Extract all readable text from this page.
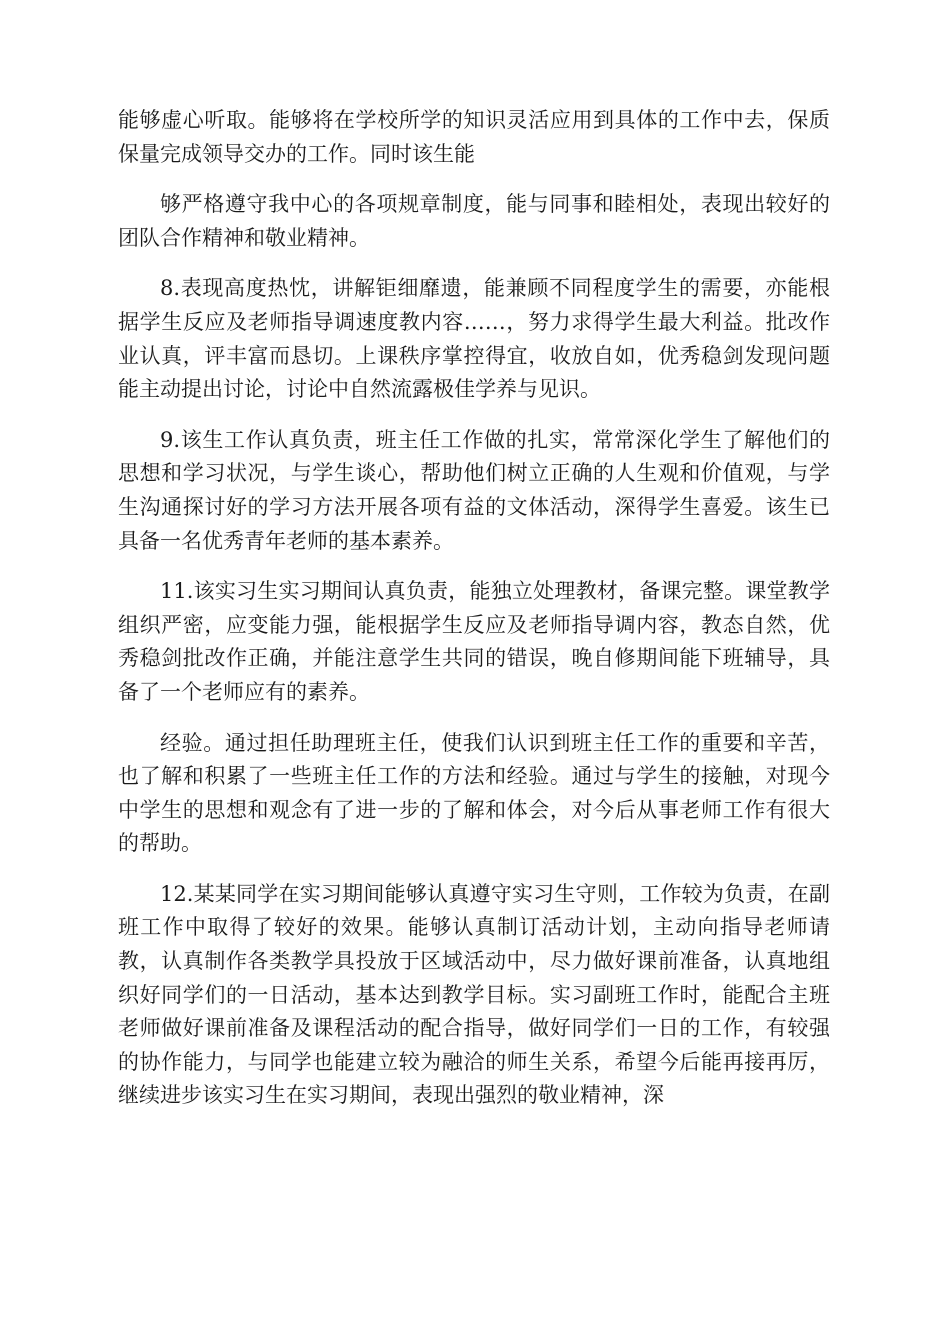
能够虚心听取。能够将在学校所学的知识灵活应用到具体的工作中去，保质保量完成领导交办的工作。同时该生能

够严格遵守我中心的各项规章制度，能与同事和睦相处，表现出较好的团队合作精神和敬业精神。

8.表现高度热忱，讲解钜细靡遗，能兼顾不同程度学生的需要，亦能根据学生反应及老师指导调速度教内容……，努力求得学生最大利益。批改作业认真，评丰富而恳切。上课秩序掌控得宜，收放自如，优秀稳剑发现问题能主动提出讨论，讨论中自然流露极佳学养与见识。

9.该生工作认真负责，班主任工作做的扎实，常常深化学生了解他们的思想和学习状况，与学生谈心，帮助他们树立正确的人生观和价值观，与学生沟通探讨好的学习方法开展各项有益的文体活动，深得学生喜爱。该生已具备一名优秀青年老师的基本素养。

11.该实习生实习期间认真负责，能独立处理教材，备课完整。课堂教学组织严密，应变能力强，能根据学生反应及老师指导调内容，教态自然，优秀稳剑批改作正确，并能注意学生共同的错误，晚自修期间能下班辅导，具备了一个老师应有的素养。

经验。通过担任助理班主任，使我们认识到班主任工作的重要和辛苦，也了解和积累了一些班主任工作的方法和经验。通过与学生的接触，对现今中学生的思想和观念有了进一步的了解和体会，对今后从事老师工作有很大的帮助。

12.某某同学在实习期间能够认真遵守实习生守则，工作较为负责，在副班工作中取得了较好的效果。能够认真制订活动计划，主动向指导老师请教，认真制作各类教学具投放于区域活动中，尽力做好课前准备，认真地组织好同学们的一日活动，基本达到教学目标。实习副班工作时，能配合主班老师做好课前准备及课程活动的配合指导，做好同学们一日的工作，有较强的协作能力，与同学也能建立较为融洽的师生关系，希望今后能再接再厉，继续进步该实习生在实习期间，表现出强烈的敬业精神，深
